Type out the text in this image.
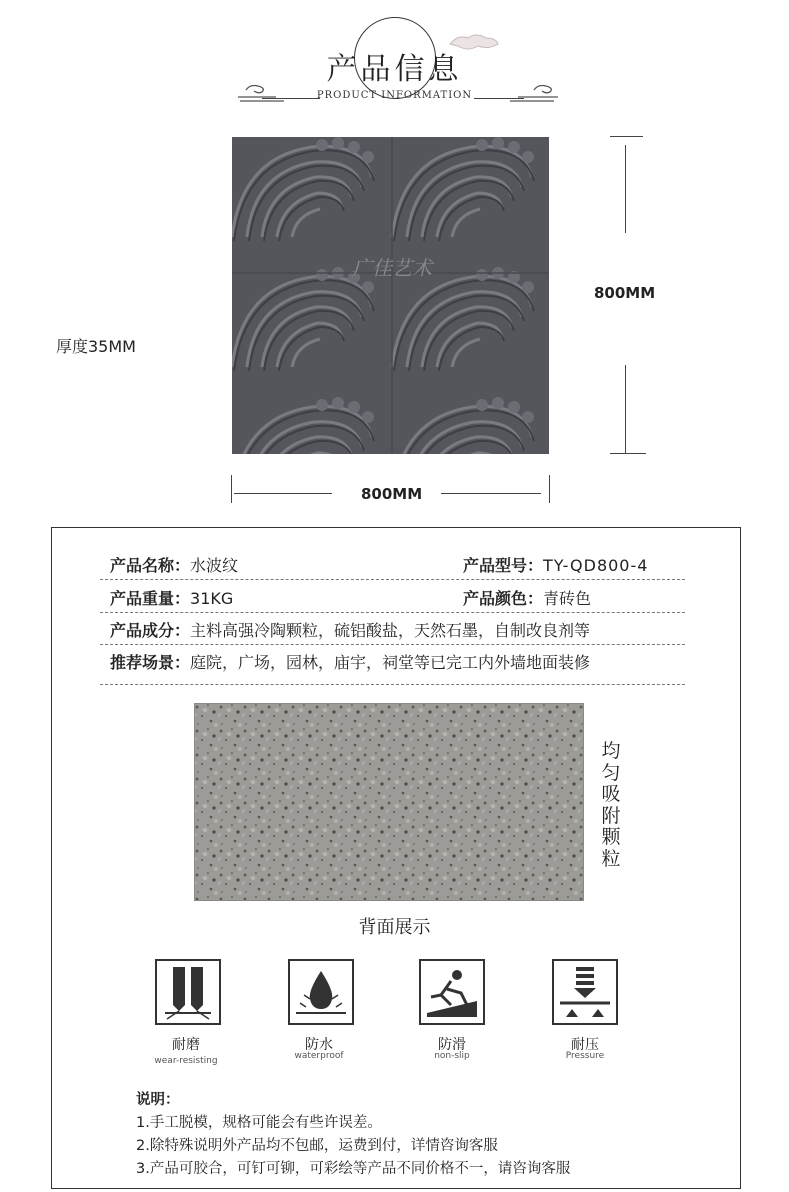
产品信息
PRODUCT INFORMATION
广佳艺术
800MM
800MM
厚度35MM
产品名称：水波纹	产品型号：TY-QD800-4
产品重量：31KG	产品颜色：青砖色
产品成分：主料高强冷陶颗粒，硫铝酸盐，天然石墨，自制改良剂等
推荐场景：庭院，广场，园林，庙宇，祠堂等已完工内外墙地面装修
均
匀
吸
附
颗
粒
背面展示
耐磨
wear-resisting
防水
waterproof
防滑
non-slip
耐压
Pressure
说明：
1.手工脱模，规格可能会有些许误差。
2.除特殊说明外产品均不包邮，运费到付，详情咨询客服
3.产品可胶合，可钉可铆，可彩绘等产品不同价格不一，请咨询客服
